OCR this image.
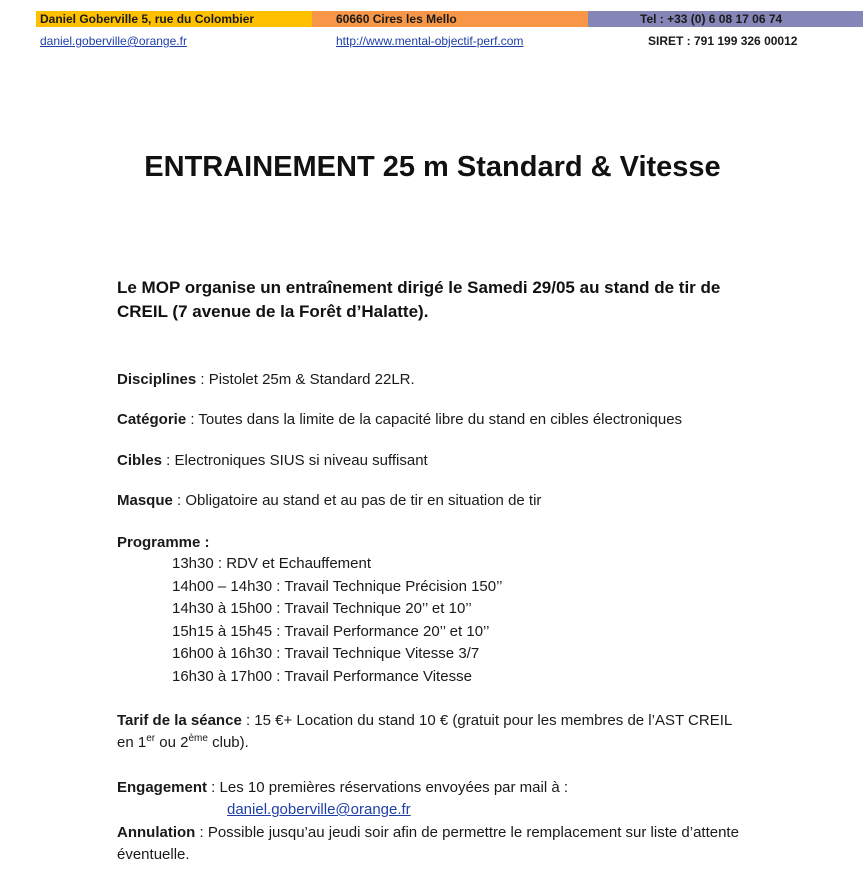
Daniel Goberville 5, rue du Colombier	60660 Cires les Mello	Tel : +33 (0) 6 08 17 06 74
daniel.goberville@orange.fr	http://www.mental-objectif-perf.com	SIRET : 791 199 326 00012
ENTRAINEMENT 25 m Standard & Vitesse

Le MOP organise un entraînement dirigé le Samedi 29/05 au stand de tir de CREIL (7 avenue de la Forêt d’Halatte).

Disciplines : Pistolet 25m & Standard 22LR.

Catégorie : Toutes dans la limite de la capacité libre du stand en cibles électroniques

Cibles : Electroniques SIUS si niveau suffisant

Masque : Obligatoire au stand et au pas de tir en situation de tir

Programme :
13h30 : RDV et Echauffement
14h00 – 14h30 : Travail Technique Précision 150’’
14h30 à 15h00 : Travail Technique 20’’ et 10’’
15h15 à 15h45 : Travail Performance 20’’ et 10’’
16h00 à 16h30 : Travail Technique Vitesse 3/7
16h30 à 17h00 : Travail Performance Vitesse

Tarif de la séance : 15 €+ Location du stand 10 € (gratuit pour les membres de l’AST CREIL en 1er ou 2ème club).

Engagement : Les 10 premières réservations envoyées par mail à :

daniel.goberville@orange.fr

Annulation : Possible jusqu’au jeudi soir afin de permettre le remplacement sur liste d’attente éventuelle.
